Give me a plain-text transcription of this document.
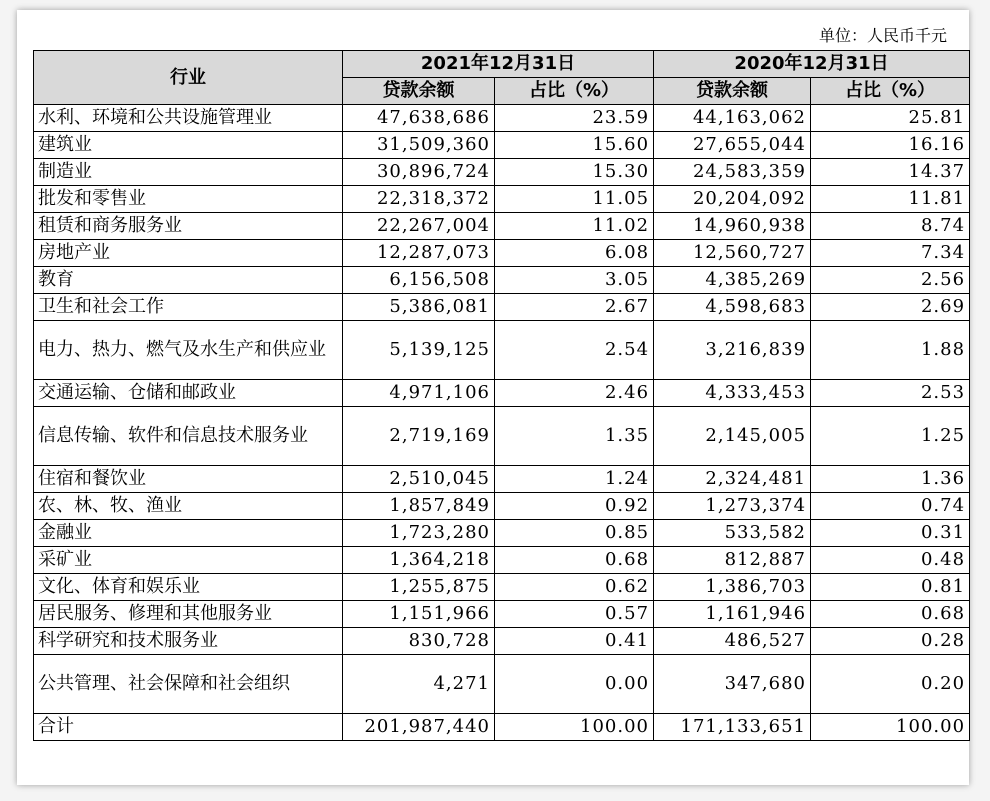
单位：人民币千元
行业	2021年12月31日		2020年12月31日	
	贷款余额	占比（%）	贷款余额	占比（%）
水利、环境和公共设施管理业	47,638,686	23.59	44,163,062	25.81
建筑业	31,509,360	15.60	27,655,044	16.16
制造业	30,896,724	15.30	24,583,359	14.37
批发和零售业	22,318,372	11.05	20,204,092	11.81
租赁和商务服务业	22,267,004	11.02	14,960,938	8.74
房地产业	12,287,073	6.08	12,560,727	7.34
教育	6,156,508	3.05	4,385,269	2.56
卫生和社会工作	5,386,081	2.67	4,598,683	2.69
电力、热力、燃气及水生产和供应业	5,139,125	2.54	3,216,839	1.88
交通运输、仓储和邮政业	4,971,106	2.46	4,333,453	2.53
信息传输、软件和信息技术服务业	2,719,169	1.35	2,145,005	1.25
住宿和餐饮业	2,510,045	1.24	2,324,481	1.36
农、林、牧、渔业	1,857,849	0.92	1,273,374	0.74
金融业	1,723,280	0.85	533,582	0.31
采矿业	1,364,218	0.68	812,887	0.48
文化、体育和娱乐业	1,255,875	0.62	1,386,703	0.81
居民服务、修理和其他服务业	1,151,966	0.57	1,161,946	0.68
科学研究和技术服务业	830,728	0.41	486,527	0.28
公共管理、社会保障和社会组织	4,271	0.00	347,680	0.20
合计	201,987,440	100.00	171,133,651	100.00
